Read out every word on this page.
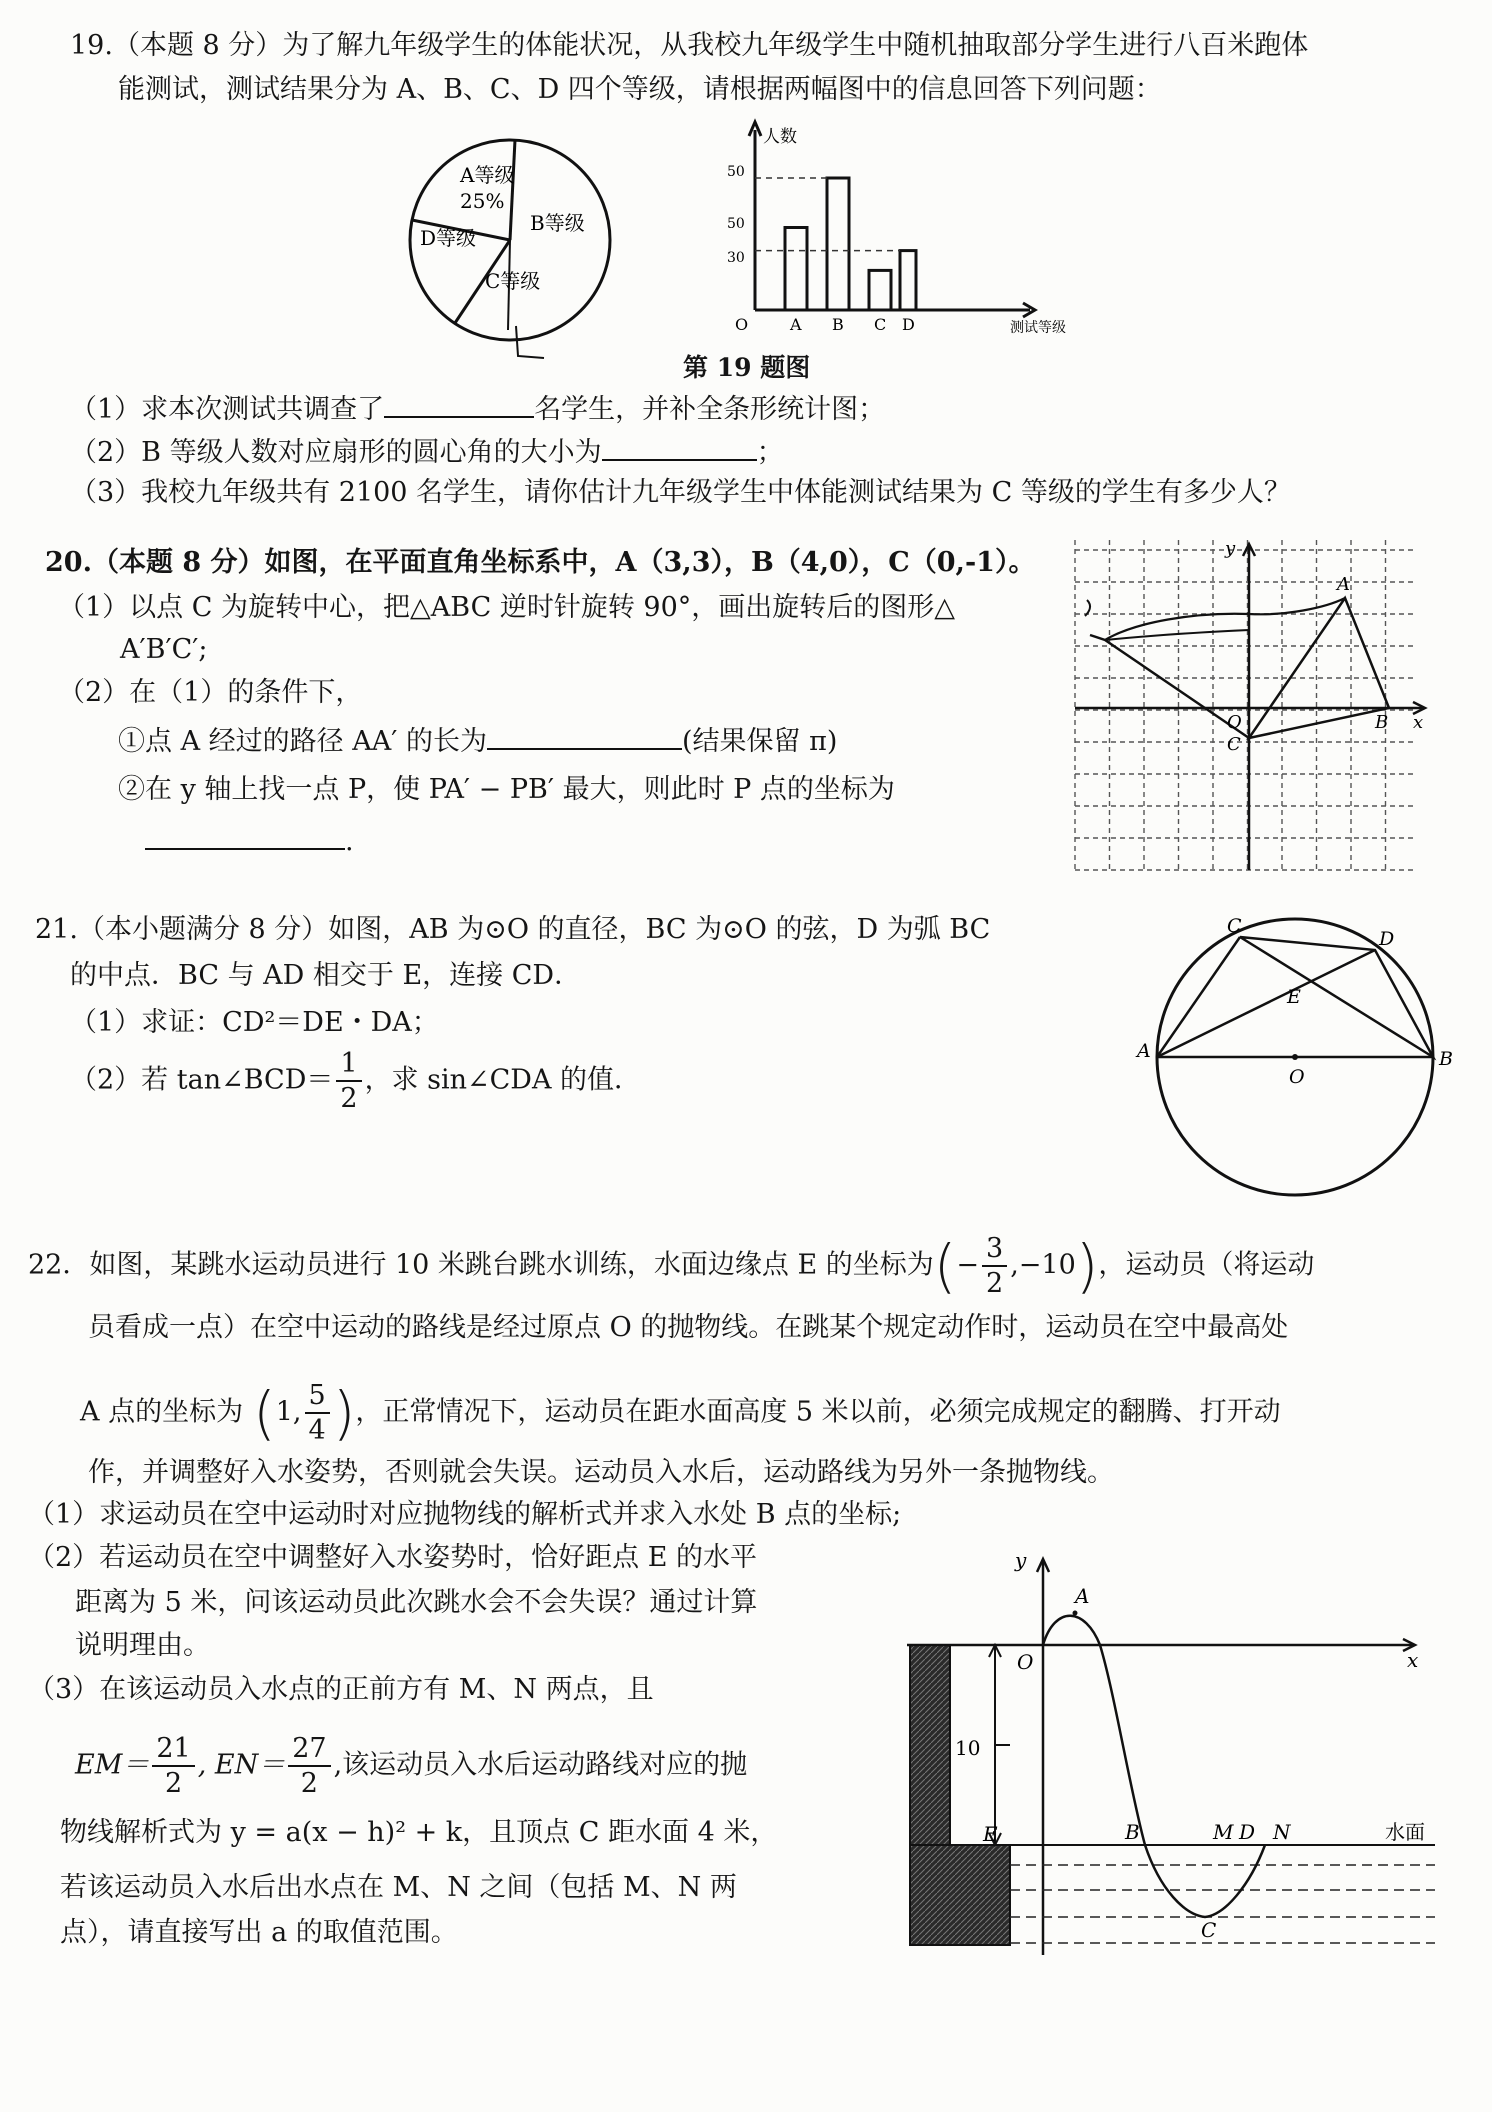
19.（本题 8 分）为了解九年级学生的体能状况，从我校九年级学生中随机抽取部分学生进行八百米跑体
能测试，测试结果分为 A、B、C、D 四个等级，请根据两幅图中的信息回答下列问题：
A等级
25%
B等级
D等级
C等级
人数
测试等级
O
50
50
30
A B C D
第 19 题图
（1）求本次测试共调查了	名学生，并补全条形统计图；
（2）B 等级人数对应扇形的圆心角的大小为	；
（3）我校九年级共有 2100 名学生，请你估计九年级学生中体能测试结果为 C 等级的学生有多少人？
20.（本题 8 分）如图，在平面直角坐标系中，A（3,3），B（4,0），C（0,-1）。
（1）以点 C 为旋转中心，把△ABC 逆时针旋转 90°，画出旋转后的图形△
A′B′C′;
（2）在（1）的条件下，
①点 A 经过的路径 AA′ 的长为	(结果保留 π)
②在 y 轴上找一点 P，使 PA′ − PB′ 最大，则此时 P 点的坐标为
.
y
x
A
B
O
C
21.（本小题满分 8 分）如图，AB 为⊙O 的直径，BC 为⊙O 的弦，D 为弧 BC
的中点．BC 与 AD 相交于 E，连接 CD．
（1）求证：CD²＝DE・DA；
（2）若 tan∠BCD＝ $\frac{1}{2}$ ，求 sin∠CDA 的值．
C
D
E
A	B
O
22．如图，某跳水运动员进行 10 米跳台跳水训练，水面边缘点 E 的坐标为(− $\frac{3}{2} ,-10$)，运动员（将运动
员看成一点）在空中运动的路线是经过原点 O 的抛物线。在跳某个规定动作时，运动员在空中最高处
A 点的坐标为 (1, $\frac{5}{4}$ )，正常情况下，运动员在距水面高度 5 米以前，必须完成规定的翻腾、打开动
作，并调整好入水姿势，否则就会失误。运动员入水后，运动路线为另外一条抛物线。
（1）求运动员在空中运动时对应抛物线的解析式并求入水处 B 点的坐标;
（2）若运动员在空中调整好入水姿势时，恰好距点 E 的水平
距离为 5 米，问该运动员此次跳水会不会失误？通过计算
说明理由。
（3）在该运动员入水点的正前方有 M、N 两点，且
$EM= \frac{21}{2}$ , $EN= \frac{27}{2}$ ,该运动员入水后运动路线对应的抛
物线解析式为 y = a(x − h)² + k，且顶点 C 距水面 4 米，
若该运动员入水后出水点在 M、N 之间（包括 M、N 两
点），请直接写出 a 的取值范围。
y
x
A
O
10
E	B	M D N
C
水面
